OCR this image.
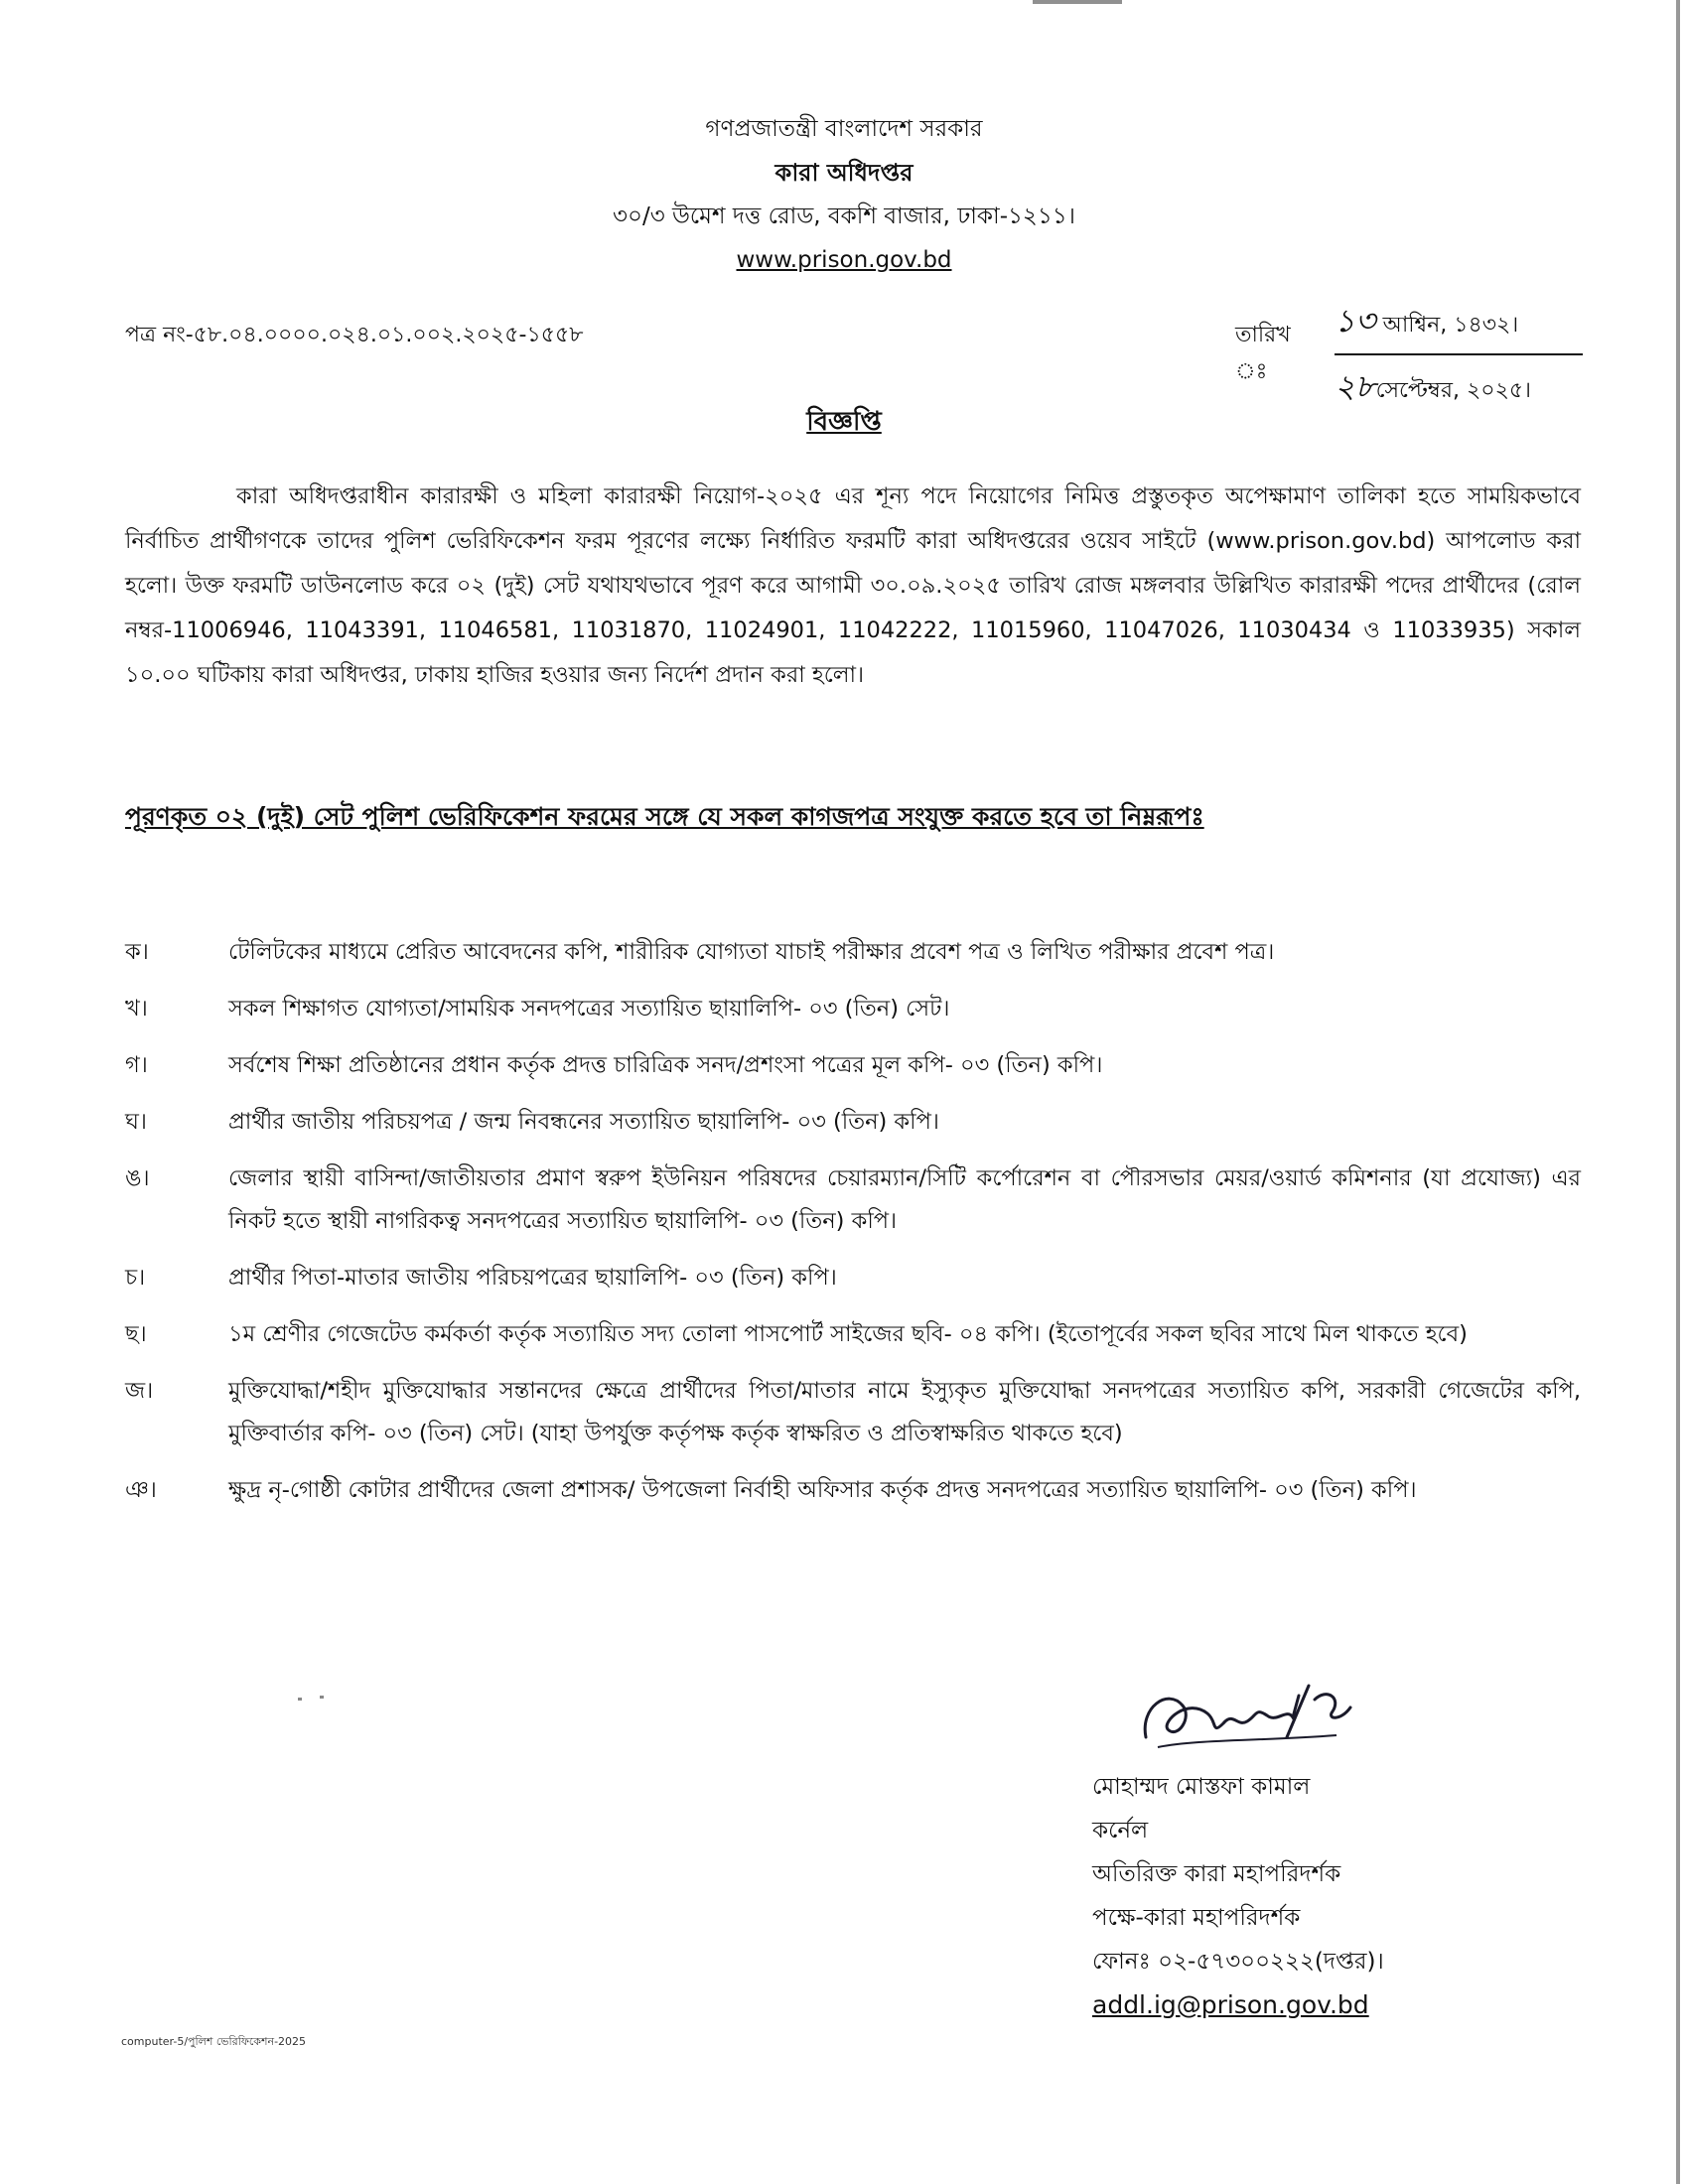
গণপ্রজাতন্ত্রী বাংলাদেশ সরকার
কারা অধিদপ্তর
৩০/৩ উমেশ দত্ত রোড, বকশি বাজার, ঢাকা-১২১১।
www.prison.gov.bd
পত্র নং-৫৮.০৪.০০০০.০২৪.০১.০০২.২০২৫-১৫৫৮	তারিখ ঃ
১৩ আশ্বিন, ১৪৩২।
২৮সেপ্টেম্বর, ২০২৫।
বিজ্ঞপ্তি
কারা অধিদপ্তরাধীন কারারক্ষী ও মহিলা কারারক্ষী নিয়োগ-২০২৫ এর শূন্য পদে নিয়োগের নিমিত্ত প্রস্তুতকৃত অপেক্ষামাণ তালিকা হতে সাময়িকভাবে নির্বাচিত প্রার্থীগণকে তাদের পুলিশ ভেরিফিকেশন ফরম পূরণের লক্ষ্যে নির্ধারিত ফরমটি কারা অধিদপ্তরের ওয়েব সাইটে (www.prison.gov.bd) আপলোড করা হলো। উক্ত ফরমটি ডাউনলোড করে ০২ (দুই) সেট যথাযথভাবে পূরণ করে আগামী ৩০.০৯.২০২৫ তারিখ রোজ মঙ্গলবার উল্লিখিত কারারক্ষী পদের প্রার্থীদের (রোল নম্বর-11006946, 11043391, 11046581, 11031870, 11024901, 11042222, 11015960, 11047026, 11030434 ও 11033935) সকাল ১০.০০ ঘটিকায় কারা অধিদপ্তর, ঢাকায় হাজির হওয়ার জন্য নির্দেশ প্রদান করা হলো।
পূরণকৃত ০২ (দুই) সেট পুলিশ ভেরিফিকেশন ফরমের সঙ্গে যে সকল কাগজপত্র সংযুক্ত করতে হবে তা নিম্নরূপঃ
ক।	টেলিটকের মাধ্যমে প্রেরিত আবেদনের কপি, শারীরিক যোগ্যতা যাচাই পরীক্ষার প্রবেশ পত্র ও লিখিত পরীক্ষার প্রবেশ পত্র।
খ।	সকল শিক্ষাগত যোগ্যতা/সাময়িক সনদপত্রের সত্যায়িত ছায়ালিপি- ০৩ (তিন) সেট।
গ।	সর্বশেষ শিক্ষা প্রতিষ্ঠানের প্রধান কর্তৃক প্রদত্ত চারিত্রিক সনদ/প্রশংসা পত্রের মূল কপি- ০৩ (তিন) কপি।
ঘ।	প্রার্থীর জাতীয় পরিচয়পত্র / জন্ম নিবন্ধনের সত্যায়িত ছায়ালিপি- ০৩ (তিন) কপি।
ঙ।	জেলার স্থায়ী বাসিন্দা/জাতীয়তার প্রমাণ স্বরুপ ইউনিয়ন পরিষদের চেয়ারম্যান/সিটি কর্পোরেশন বা পৌরসভার মেয়র/ওয়ার্ড কমিশনার (যা প্রযোজ্য) এর নিকট হতে স্থায়ী নাগরিকত্ব সনদপত্রের সত্যায়িত ছায়ালিপি- ০৩ (তিন) কপি।
চ।	প্রার্থীর পিতা-মাতার জাতীয় পরিচয়পত্রের ছায়ালিপি- ০৩ (তিন) কপি।
ছ।	১ম শ্রেণীর গেজেটেড কর্মকর্তা কর্তৃক সত্যায়িত সদ্য তোলা পাসপোর্ট সাইজের ছবি- ০৪ কপি। (ইতোপূর্বের সকল ছবির সাথে মিল থাকতে হবে)
জ।	মুক্তিযোদ্ধা/শহীদ মুক্তিযোদ্ধার সন্তানদের ক্ষেত্রে প্রার্থীদের পিতা/মাতার নামে ইস্যুকৃত মুক্তিযোদ্ধা সনদপত্রের সত্যায়িত কপি, সরকারী গেজেটের কপি, মুক্তিবার্তার কপি- ০৩ (তিন) সেট। (যাহা উপর্যুক্ত কর্তৃপক্ষ কর্তৃক স্বাক্ষরিত ও প্রতিস্বাক্ষরিত থাকতে হবে)
ঞ।	ক্ষুদ্র নৃ-গোষ্ঠী কোটার প্রার্থীদের জেলা প্রশাসক/ উপজেলা নির্বাহী অফিসার কর্তৃক প্রদত্ত সনদপত্রের সত্যায়িত ছায়ালিপি- ০৩ (তিন) কপি।
মোহাম্মদ মোস্তফা কামাল
কর্নেল
অতিরিক্ত কারা মহাপরিদর্শক
পক্ষে-কারা মহাপরিদর্শক
ফোনঃ ০২-৫৭৩০০২২২(দপ্তর)।
addl.ig@prison.gov.bd
computer-5/পুলিশ ভেরিফিকেশন-2025
